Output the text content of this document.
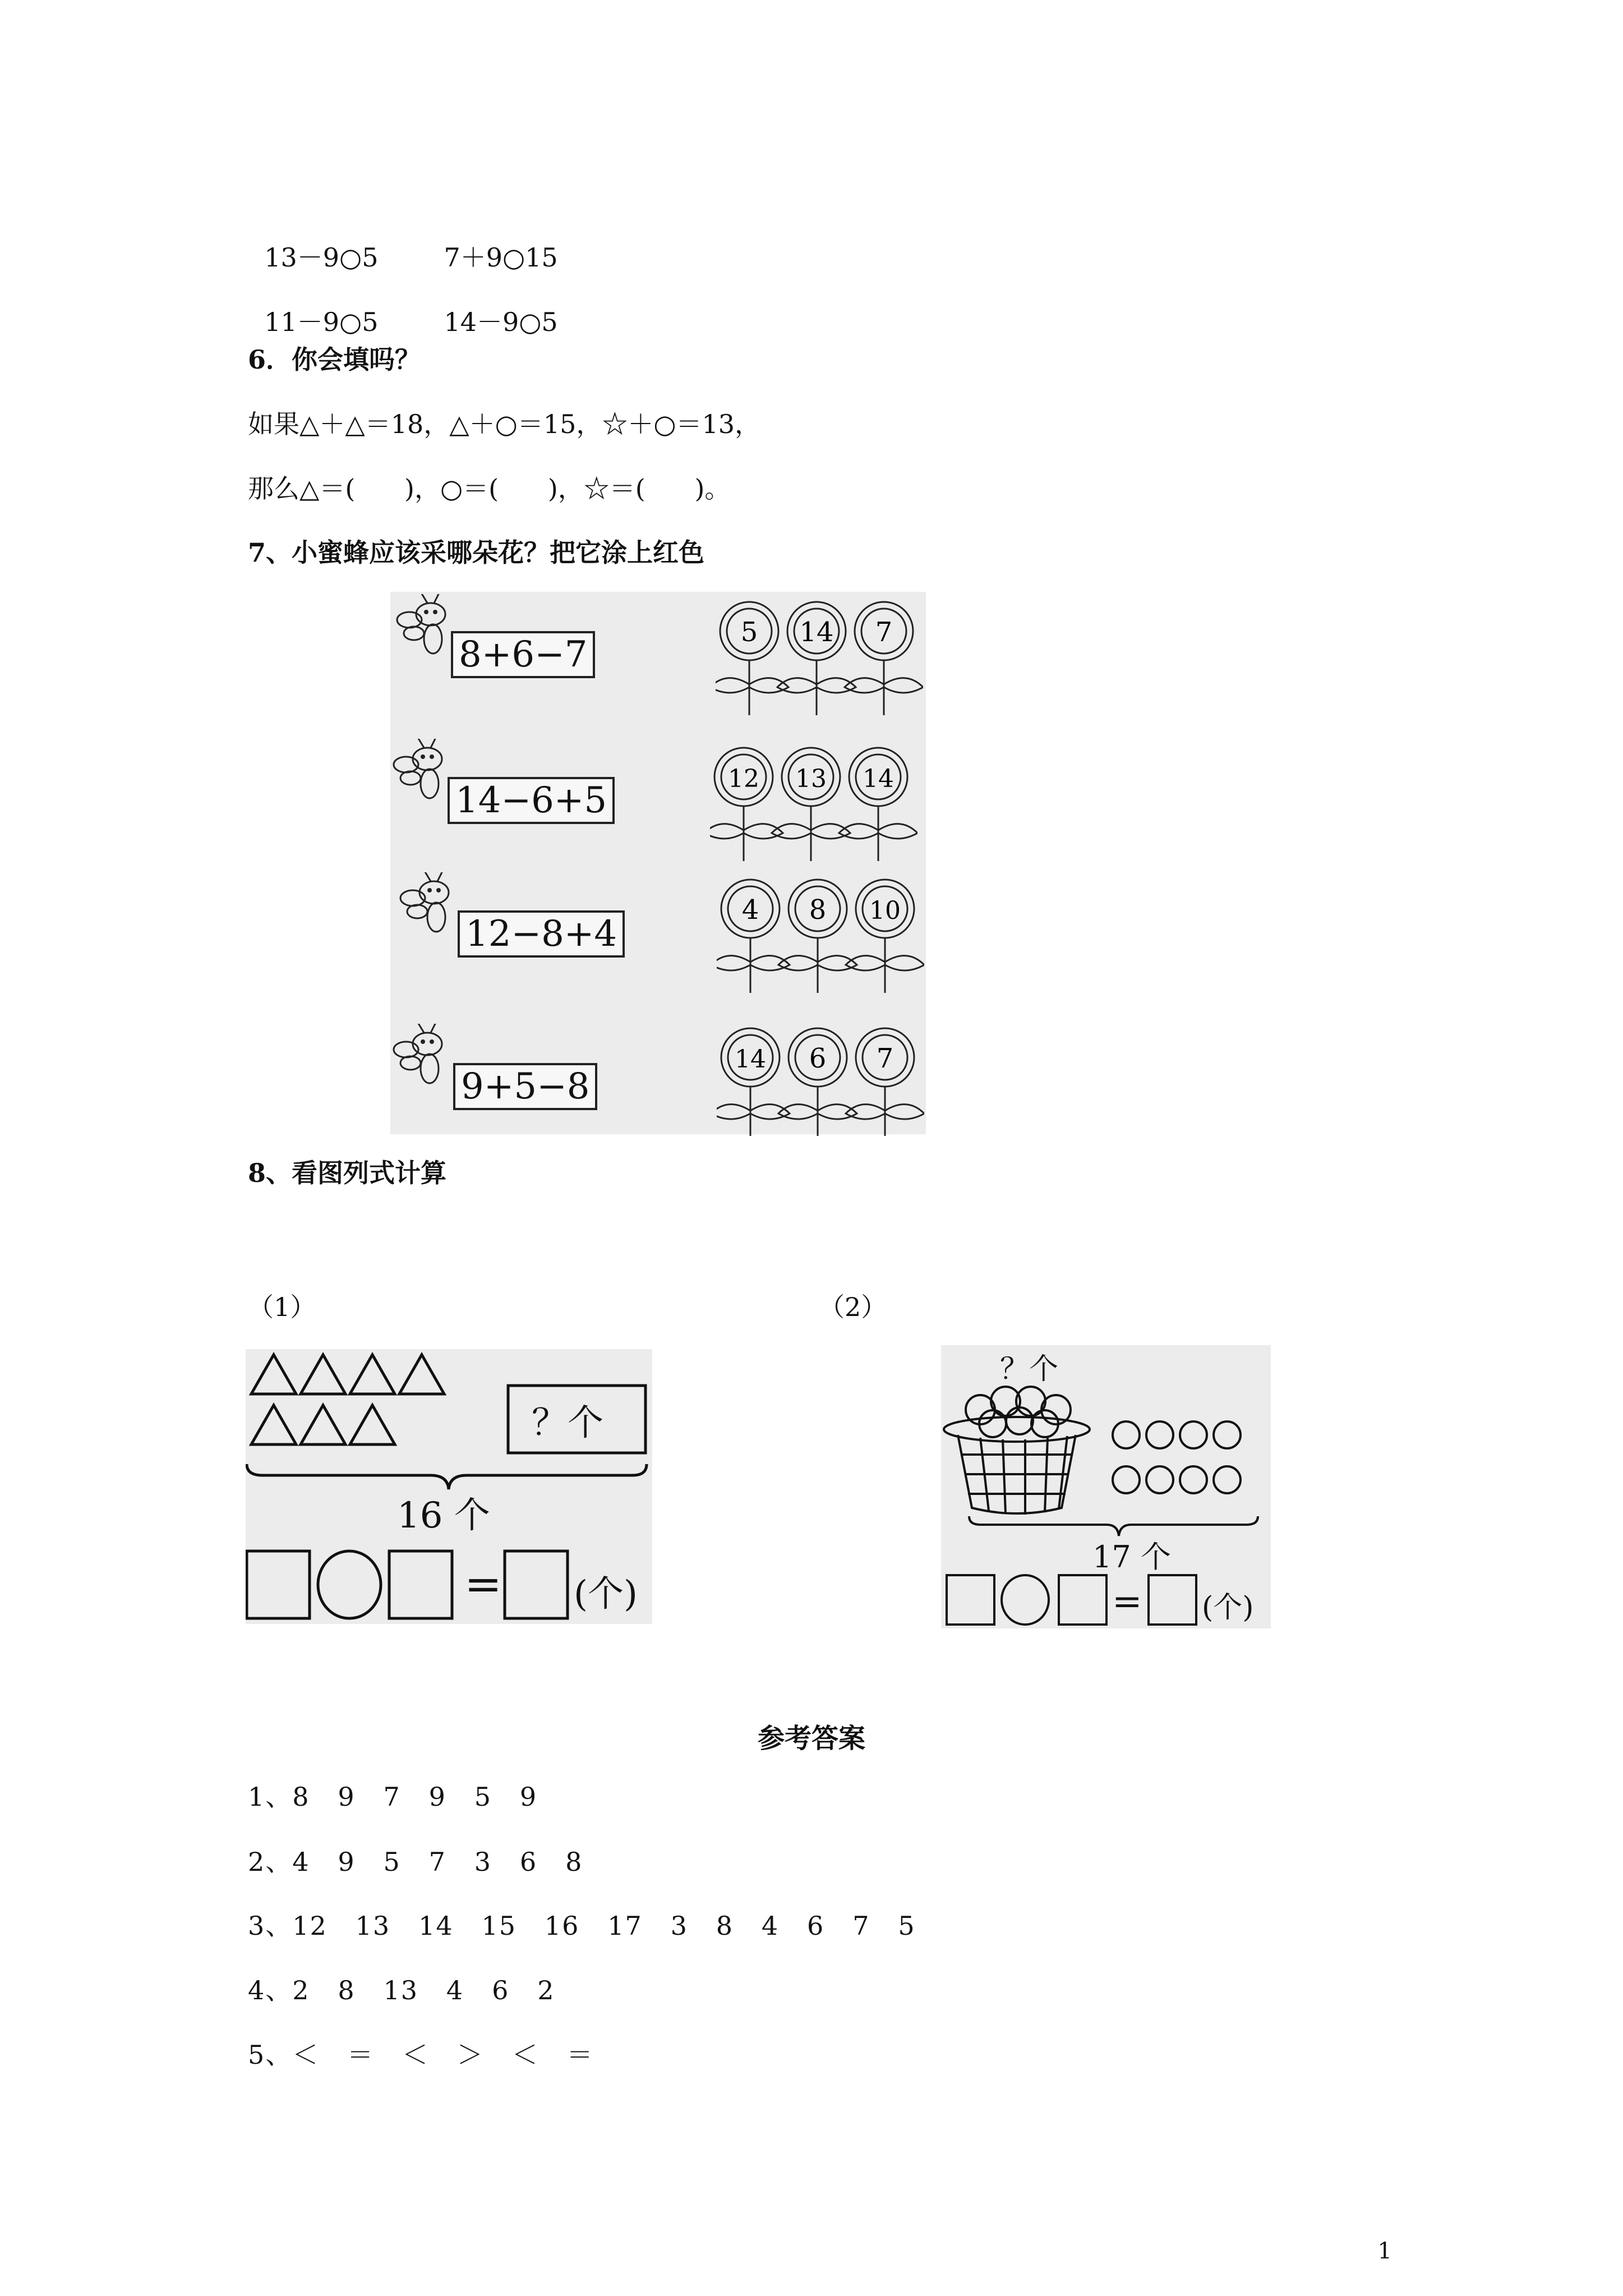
13－9○5	7＋9○15

11－9○5	14－9○5

6．你会填吗？
如果△＋△＝18，△＋○＝15，☆＋○＝13，
那么△＝(      )，○＝(      )，☆＝(      )。
7、小蜜蜂应该采哪朵花？把它涂上红色
8+6−7
5 14 7
14−6+5
12 13 14
12−8+4
4 8 10
9+5−8
14 6 7
8、看图列式计算
（1）	（2）
？个
16 个
= (个)
？个
17 个
= (个)
参考答案
1、8   9   7   9   5   9
2、4   9   5   7   3   6   8
3、12   13   14   15   16   17   3   8   4   6   7   5
4、2   8   13   4   6   2
5、＜   ＝   ＜   ＞   ＜   ＝
1
